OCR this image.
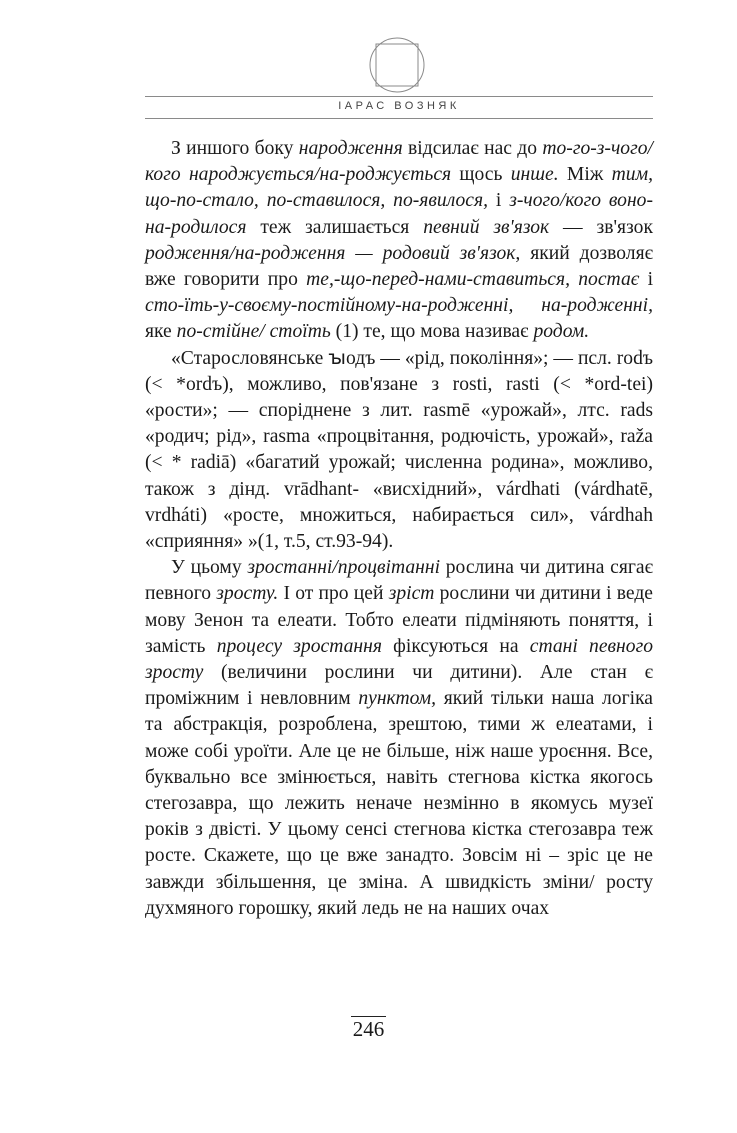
ІАРАС ВОЗНЯК

З иншого боку народження відсилає нас до то-го-з-чого/кого народжується/на-роджується щось инше. Між тим, що-по-стало, по-ставилося, по-явилося, і з-чого/кого воно-на-родилося теж залишається певний зв'язок — зв'язок родження/на-родження — родовий зв'язок, який дозволяє вже говорити про те,-що-перед-нами-ставиться, постає і сто-їть-у-своєму-постійному-на-родженні, на-родженні, яке по-стійне/ стоїть (1) те, що мова називає родом.

«Старословянське ꙑодъ — «рід, покоління»; — псл. rodъ (< *ordъ), можливо, пов'язане з rosti, rasti (< *ord-tei) «рости»; — споріднене з лит. rasmē «урожай», лтс. rads «родич; рід», rasma «процвітання, родючість, урожай», raža (< * radiā) «багатий урожай; численна родина», можливо, також з дінд. vrādhant- «висхідний», várdhati (várdhatē, vrdháti) «росте, множиться, набирається сил», várdhah «сприяння» »(1, т.5, ст.93-94).

У цьому зростанні/процвітанні рослина чи дитина сягає певного зросту. І от про цей зріст рослини чи дитини і веде мову Зенон та елеати. Тобто елеати підміняють поняття, і замість процесу зростання фіксуються на стані певного зросту (величини рослини чи дитини). Але стан є проміжним і невловним пунктом, який тільки наша логіка та абстракція, розроблена, зрештою, тими ж елеатами, і може собі уроїти. Але це не більше, ніж наше уроєння. Все, буквально все змінюється, навіть стегнова кістка якогось стегозавра, що лежить неначе незмінно в якомусь музеї років з двісті. У цьому сенсі стегнова кістка стегозавра теж росте. Скажете, що це вже занадто. Зовсім ні – зріс це не завжди збільшення, це зміна. А швидкість зміни/ росту духмяного горошку, який ледь не на наших очах

246
